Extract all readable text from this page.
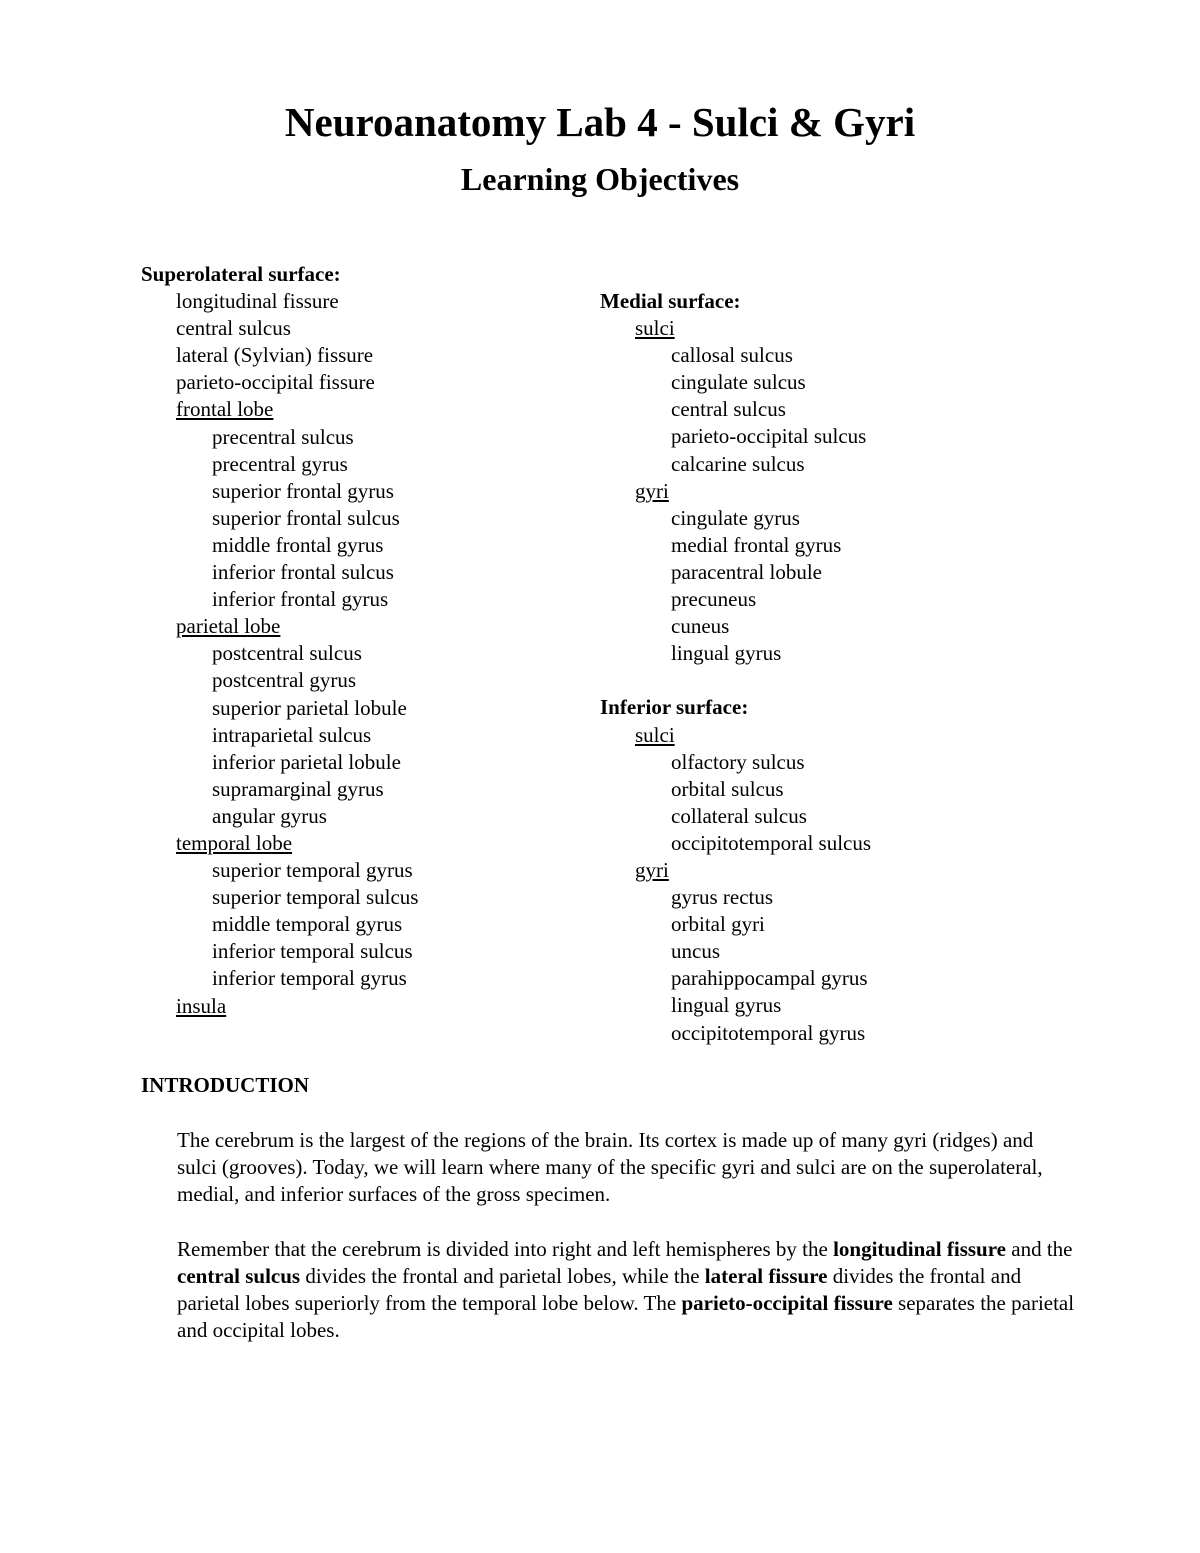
Neuroanatomy Lab 4 - Sulci & Gyri
Learning Objectives
Superolateral surface:
longitudinal fissure
central sulcus
lateral (Sylvian) fissure
parieto-occipital fissure
frontal lobe
precentral sulcus
precentral gyrus
superior frontal gyrus
superior frontal sulcus
middle frontal gyrus
inferior frontal sulcus
inferior frontal gyrus
parietal lobe
postcentral sulcus
postcentral gyrus
superior parietal lobule
intraparietal sulcus
inferior parietal lobule
supramarginal gyrus
angular gyrus
temporal lobe
superior temporal gyrus
superior temporal sulcus
middle temporal gyrus
inferior temporal sulcus
inferior temporal gyrus
insula
Medial surface:
sulci
callosal sulcus
cingulate sulcus
central sulcus
parieto-occipital sulcus
calcarine sulcus
gyri
cingulate gyrus
medial frontal gyrus
paracentral lobule
precuneus
cuneus
lingual gyrus
Inferior surface:
sulci
olfactory sulcus
orbital sulcus
collateral sulcus
occipitotemporal sulcus
gyri
gyrus rectus
orbital gyri
uncus
parahippocampal gyrus
lingual gyrus
occipitotemporal gyrus
INTRODUCTION

The cerebrum is the largest of the regions of the brain. Its cortex is made up of many gyri (ridges) and sulci (grooves). Today, we will learn where many of the specific gyri and sulci are on the superolateral, medial, and inferior surfaces of the gross specimen.

Remember that the cerebrum is divided into right and left hemispheres by the longitudinal fissure and the central sulcus divides the frontal and parietal lobes, while the lateral fissure divides the frontal and parietal lobes superiorly from the temporal lobe below. The parieto-occipital fissure separates the parietal and occipital lobes.
